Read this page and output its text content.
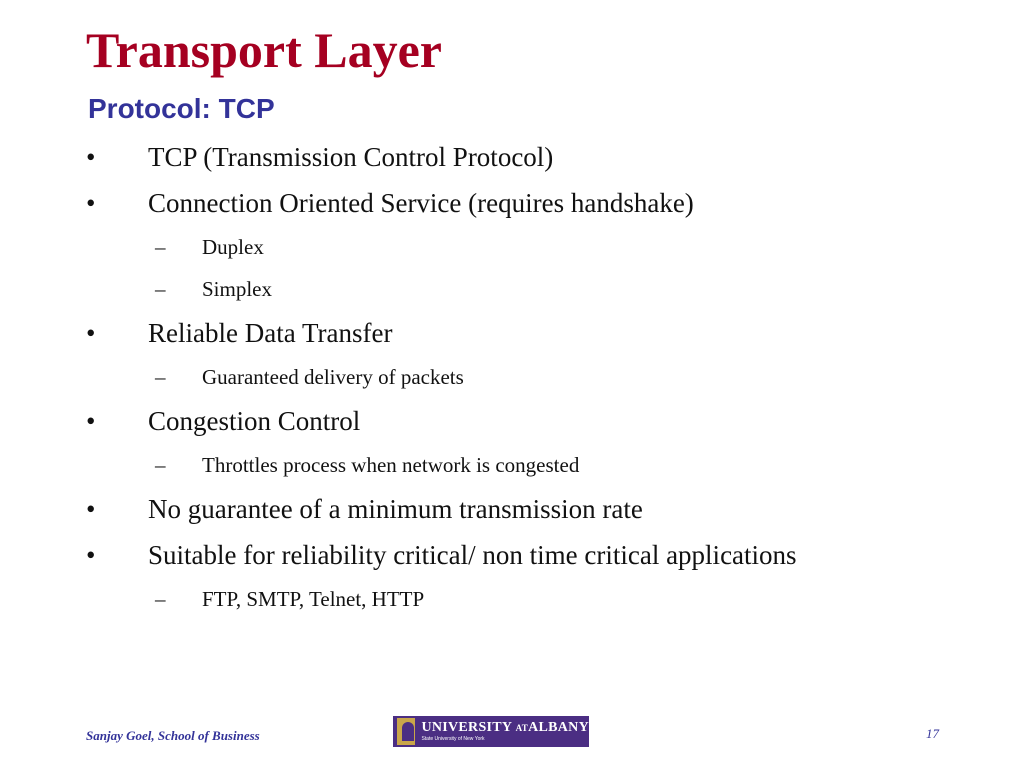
Transport Layer
Protocol: TCP
• TCP (Transmission Control Protocol)
• Connection Oriented Service (requires handshake)
– Duplex
– Simplex
• Reliable Data Transfer
– Guaranteed delivery of packets
• Congestion Control
– Throttles process when network is congested
• No guarantee of a minimum transmission rate
• Suitable for reliability critical/ non time critical applications
– FTP, SMTP, Telnet, HTTP
Sanjay Goel, School of Business
UNIVERSITY ATALBANY
State University of New York	17
